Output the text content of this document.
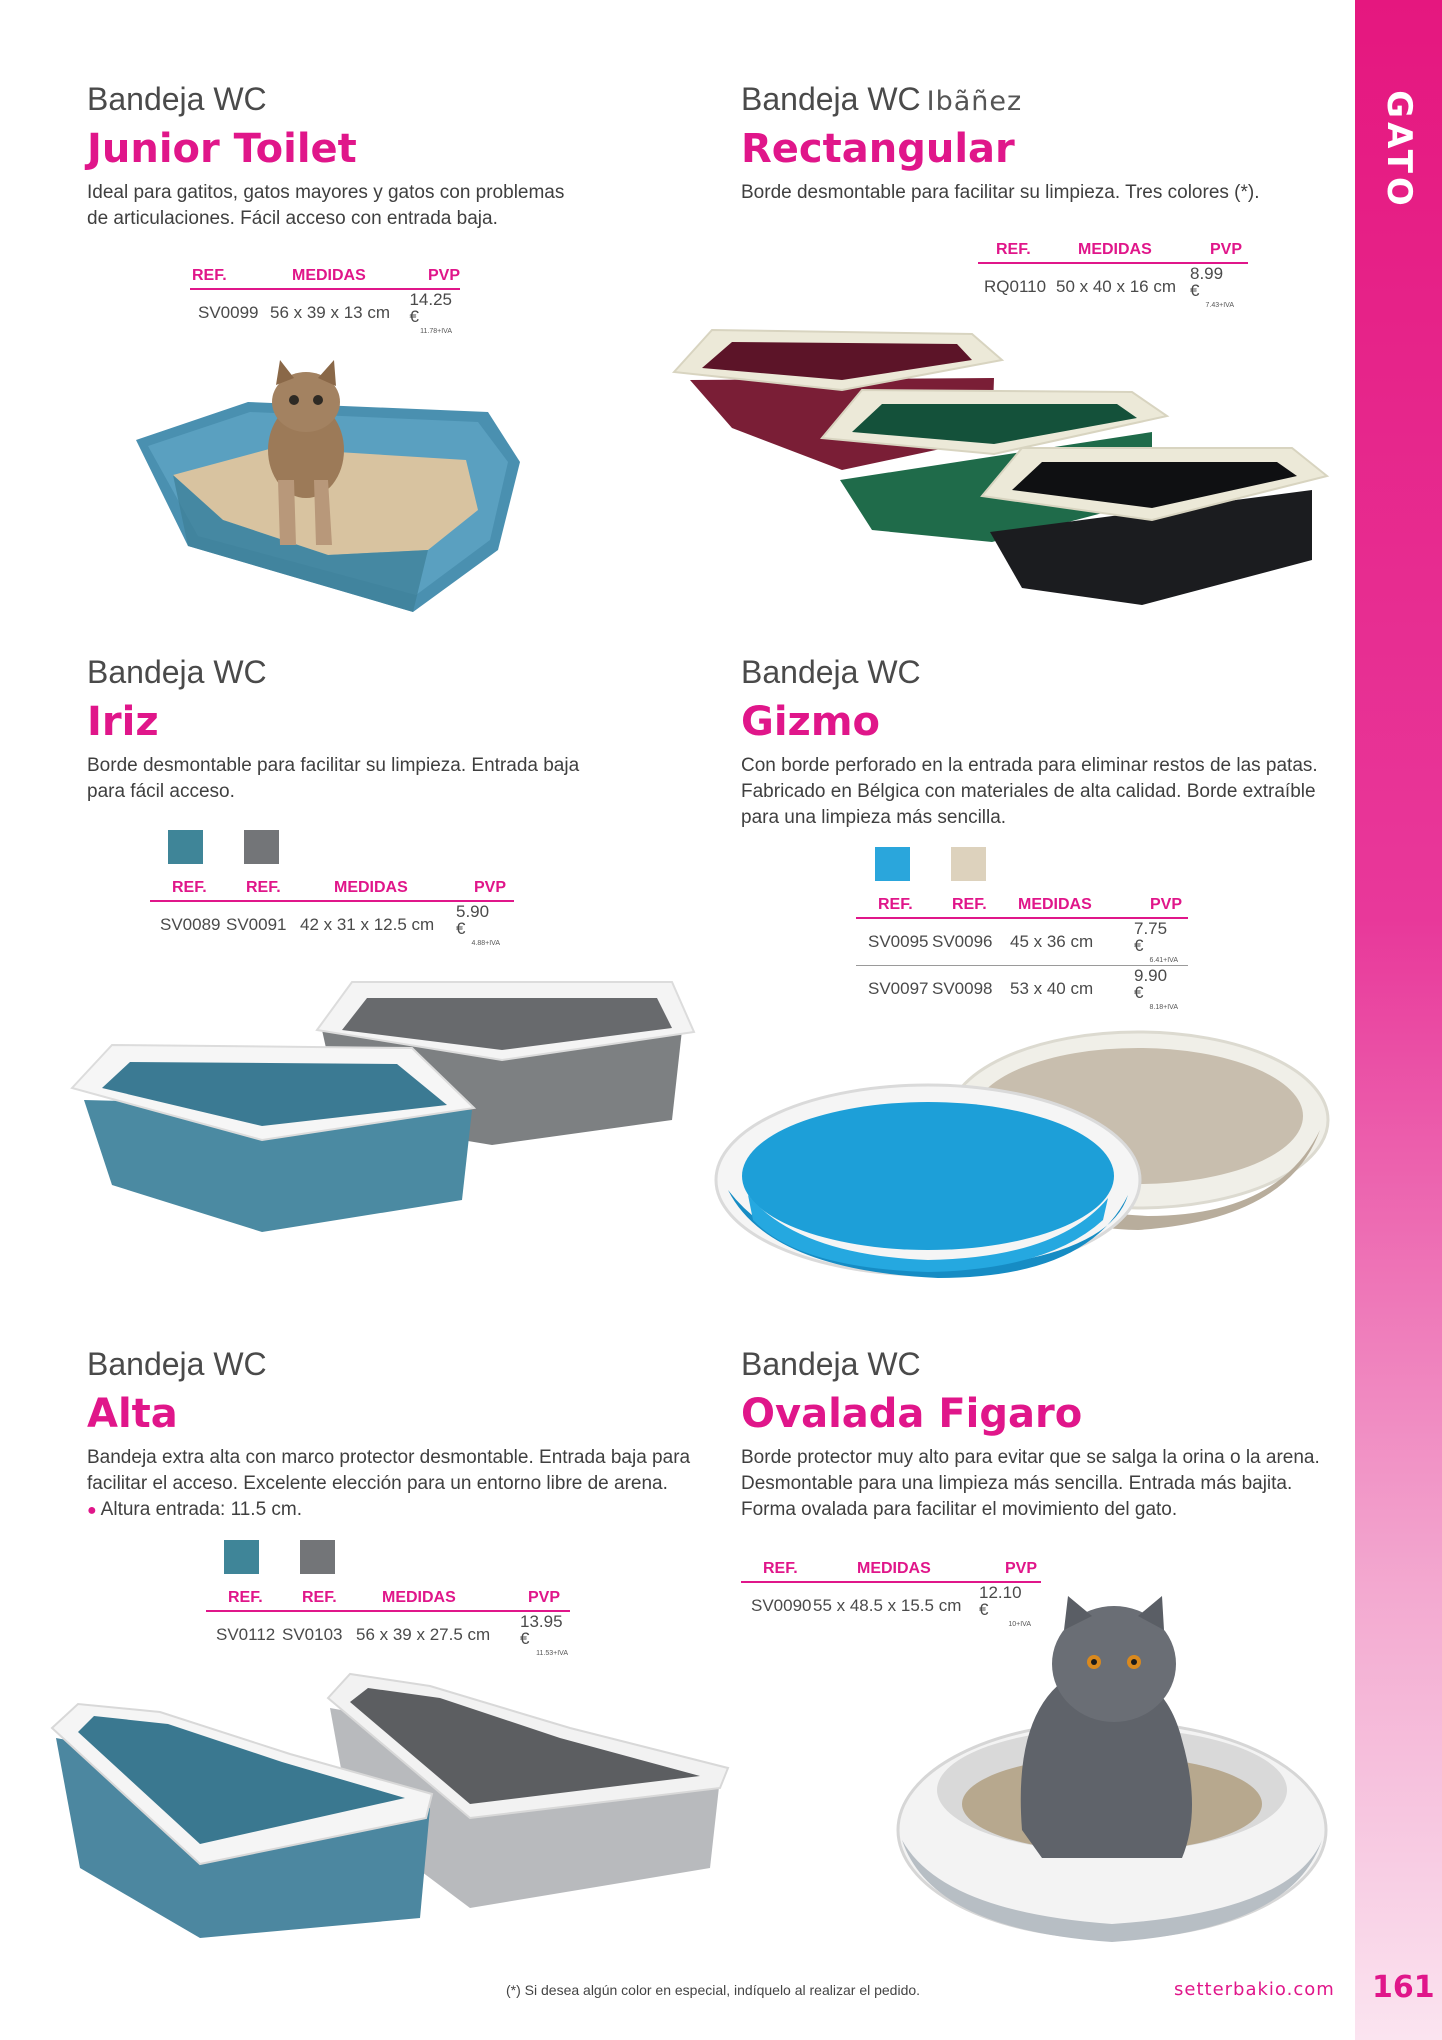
GATO
Bandeja WC
Junior Toilet
Ideal para gatitos, gatos mayores y gatos con problemas
de articulaciones. Fácil acceso con entrada baja.
REF.	MEDIDAS	PVP
SV0099 56 x 39 x 13 cm
14.25 €
11.78+IVA
Bandeja WC Ibãñez
Rectangular
Borde desmontable para facilitar su limpieza. Tres colores (*).
REF.	MEDIDAS	PVP
RQ0110 50 x 40 x 16 cm
8.99 €
7.43+IVA
Bandeja WC
Iriz
Borde desmontable para facilitar su limpieza. Entrada baja
para fácil acceso.
REF.	REF.	MEDIDAS	PVP
SV0089 SV0091 42 x 31 x 12.5 cm
5.90 €
4.88+IVA
Bandeja WC
Gizmo
Con borde perforado en la entrada para eliminar restos de las patas.
Fabricado en Bélgica con materiales de alta calidad. Borde extraíble
para una limpieza más sencilla.
REF.	REF.	MEDIDAS	PVP
SV0095 SV0096	45 x 36 cm
7.75 €
6.41+IVA
SV0097 SV0098	53 x 40 cm
9.90 €
8.18+IVA
Bandeja WC
Alta
Bandeja extra alta con marco protector desmontable. Entrada baja para
facilitar el acceso. Excelente elección para un entorno libre de arena.
● Altura entrada: 11.5 cm.
REF.	REF.	MEDIDAS	PVP
SV0112 SV0103 56 x 39 x 27.5 cm
13.95 €
11.53+IVA
Bandeja WC
Ovalada Figaro
Borde protector muy alto para evitar que se salga la orina o la arena.
Desmontable para una limpieza más sencilla. Entrada más bajita.
Forma ovalada para facilitar el movimiento del gato.
REF.	MEDIDAS	PVP
SV0090 55 x 48.5 x 15.5 cm
12.10 €
10+IVA
(*) Si desea algún color en especial, indíquelo al realizar el pedido.	setterbakio.com 161
